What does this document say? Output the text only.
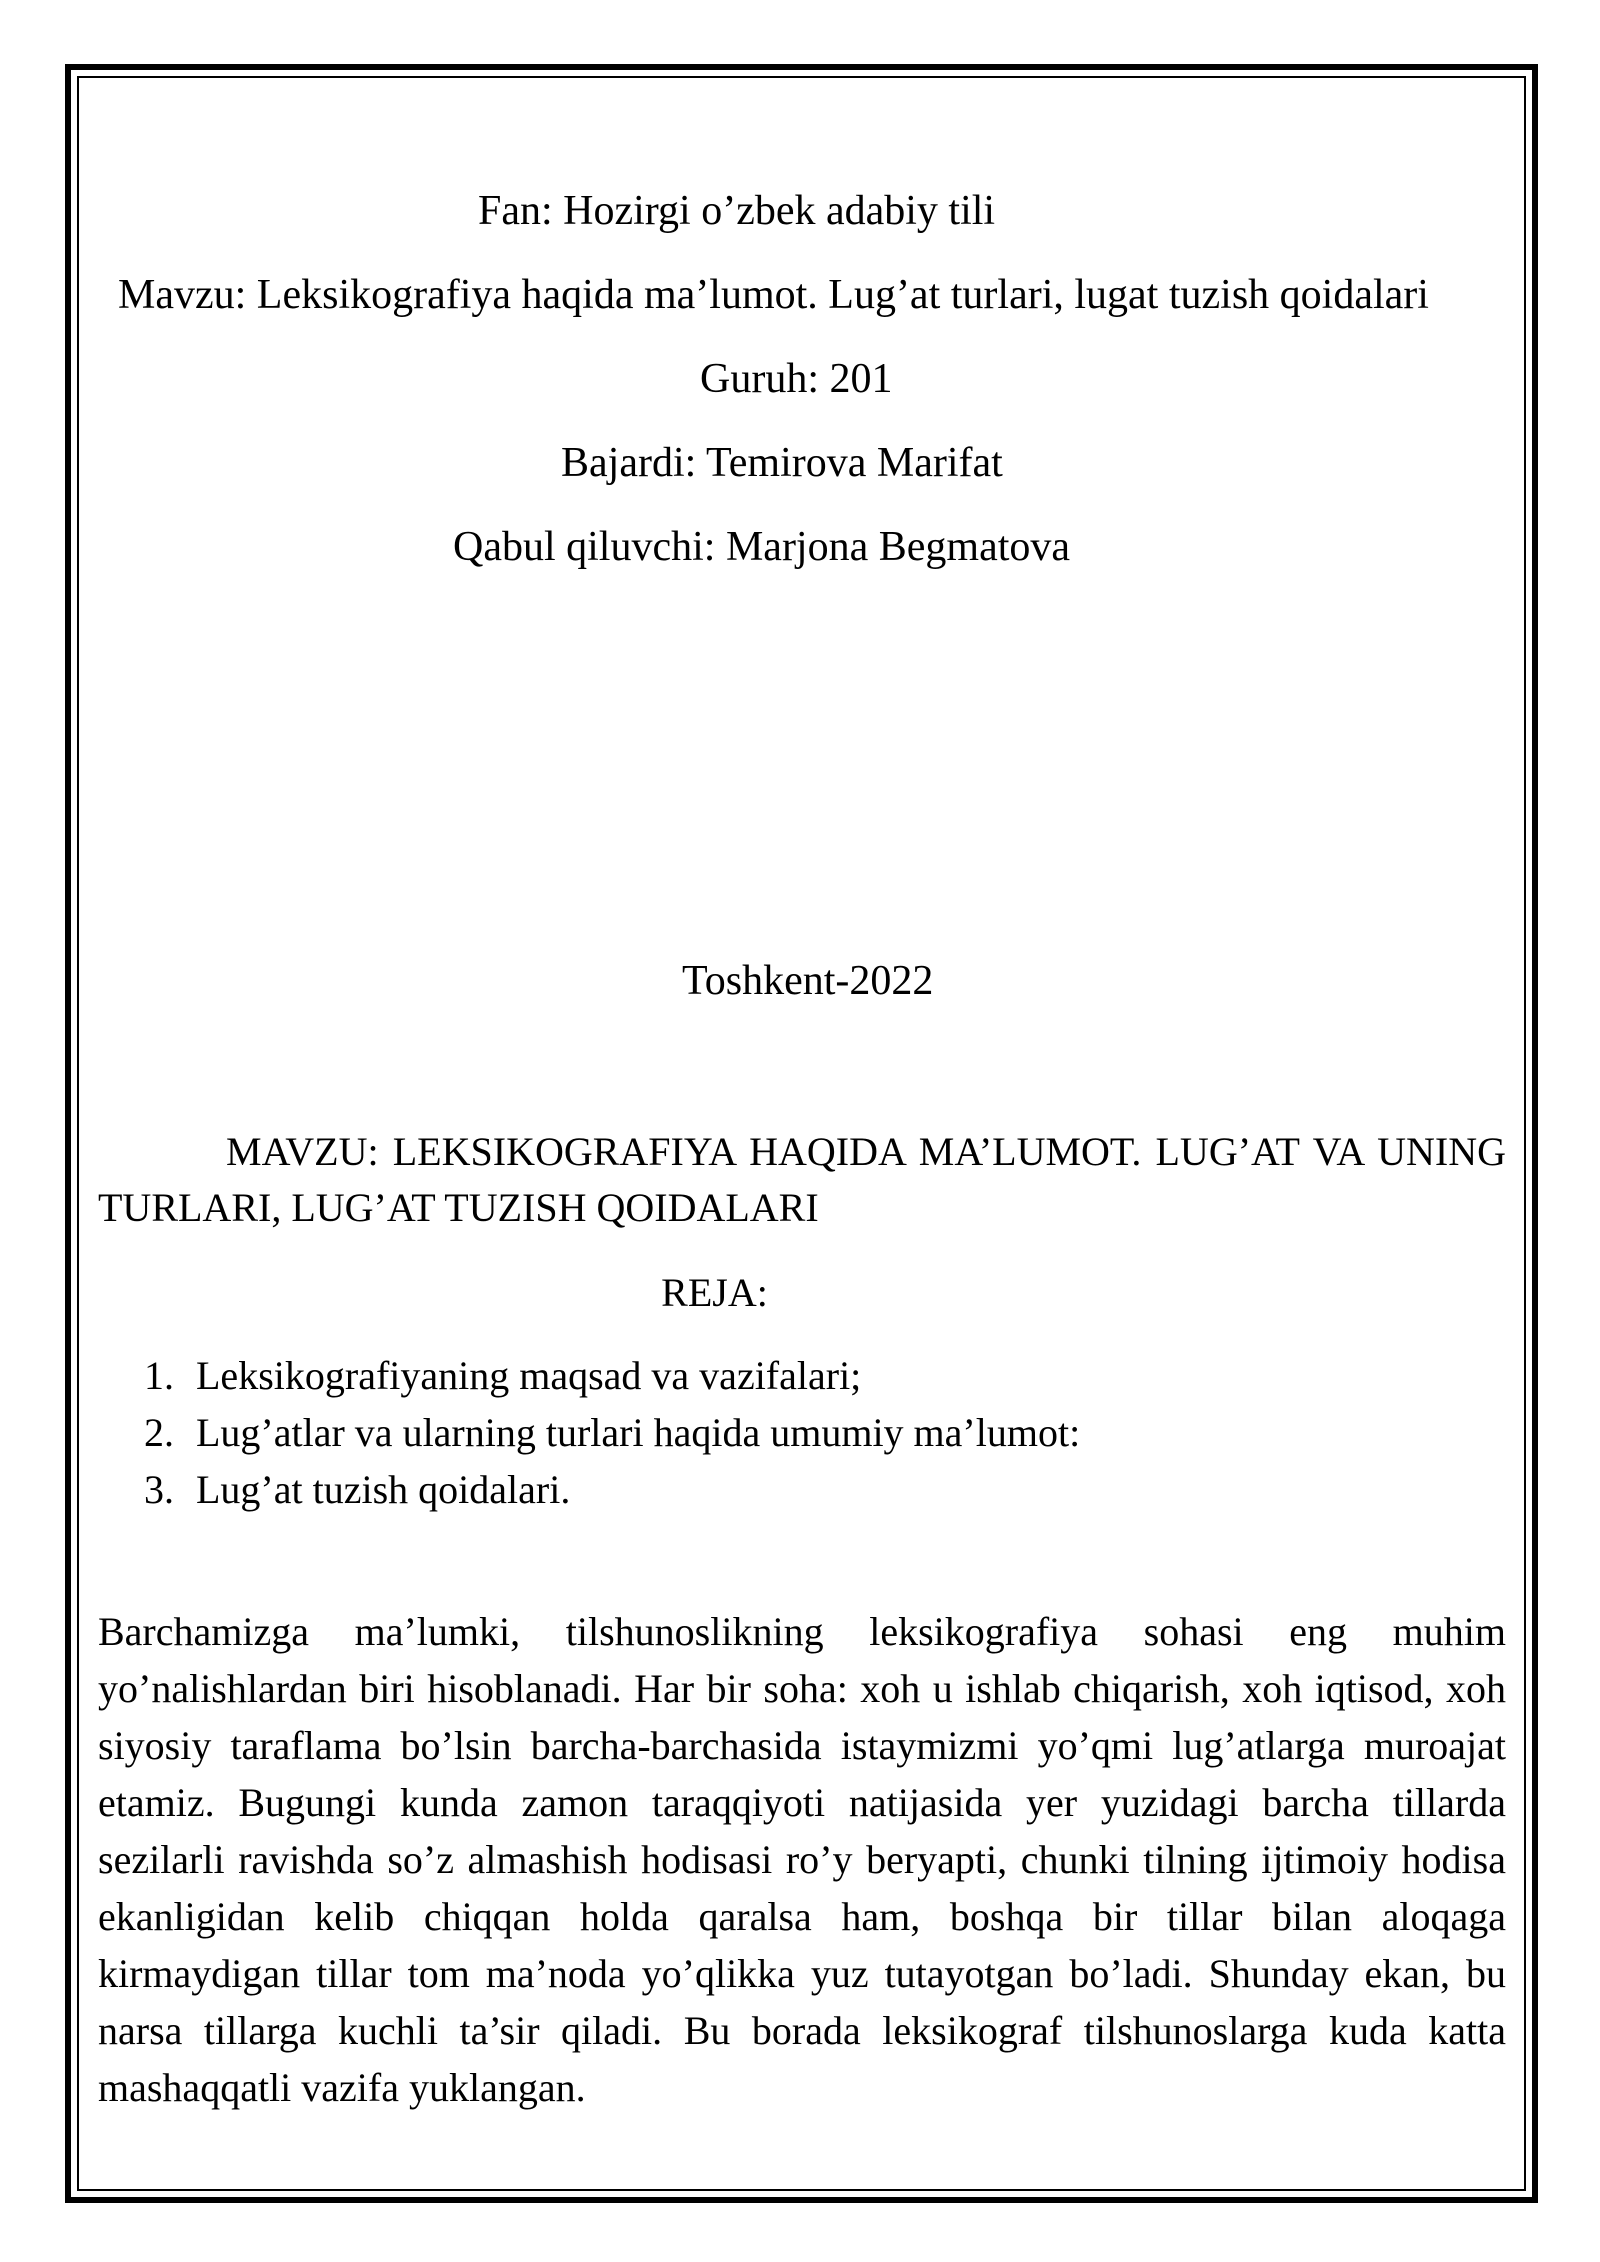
Fan: Hozirgi o’zbek adabiy tili
Mavzu: Leksikografiya haqida ma’lumot. Lug’at turlari, lugat tuzish qoidalari
Guruh: 201
Bajardi: Temirova Marifat
Qabul qiluvchi: Marjona Begmatova
Toshkent-2022
MAVZU: LEKSIKOGRAFIYA HAQIDA MA’LUMOT. LUG’AT VA UNING TURLARI, LUG’AT TUZISH QOIDALARI
REJA:
1. Leksikografiyaning maqsad va vazifalari;
2. Lug’atlar va ularning turlari haqida umumiy ma’lumot:
3. Lug’at tuzish qoidalari.

Barchamizga ma’lumki, tilshunoslikning leksikografiya sohasi eng muhim yo’nalishlardan biri hisoblanadi. Har bir soha: xoh u ishlab chiqarish, xoh iqtisod, xoh siyosiy taraflama bo’lsin barcha-barchasida istaymizmi yo’qmi lug’atlarga muroajat etamiz. Bugungi kunda zamon taraqqiyoti natijasida yer yuzidagi barcha tillarda sezilarli ravishda so’z almashish hodisasi ro’y beryapti, chunki tilning ijtimoiy hodisa ekanligidan kelib chiqqan holda qaralsa ham, boshqa bir tillar bilan aloqaga kirmaydigan tillar tom ma’noda yo’qlikka yuz tutayotgan bo’ladi. Shunday ekan, bu narsa tillarga kuchli ta’sir qiladi. Bu borada leksikograf tilshunoslarga kuda katta mashaqqatli vazifa yuklangan.
